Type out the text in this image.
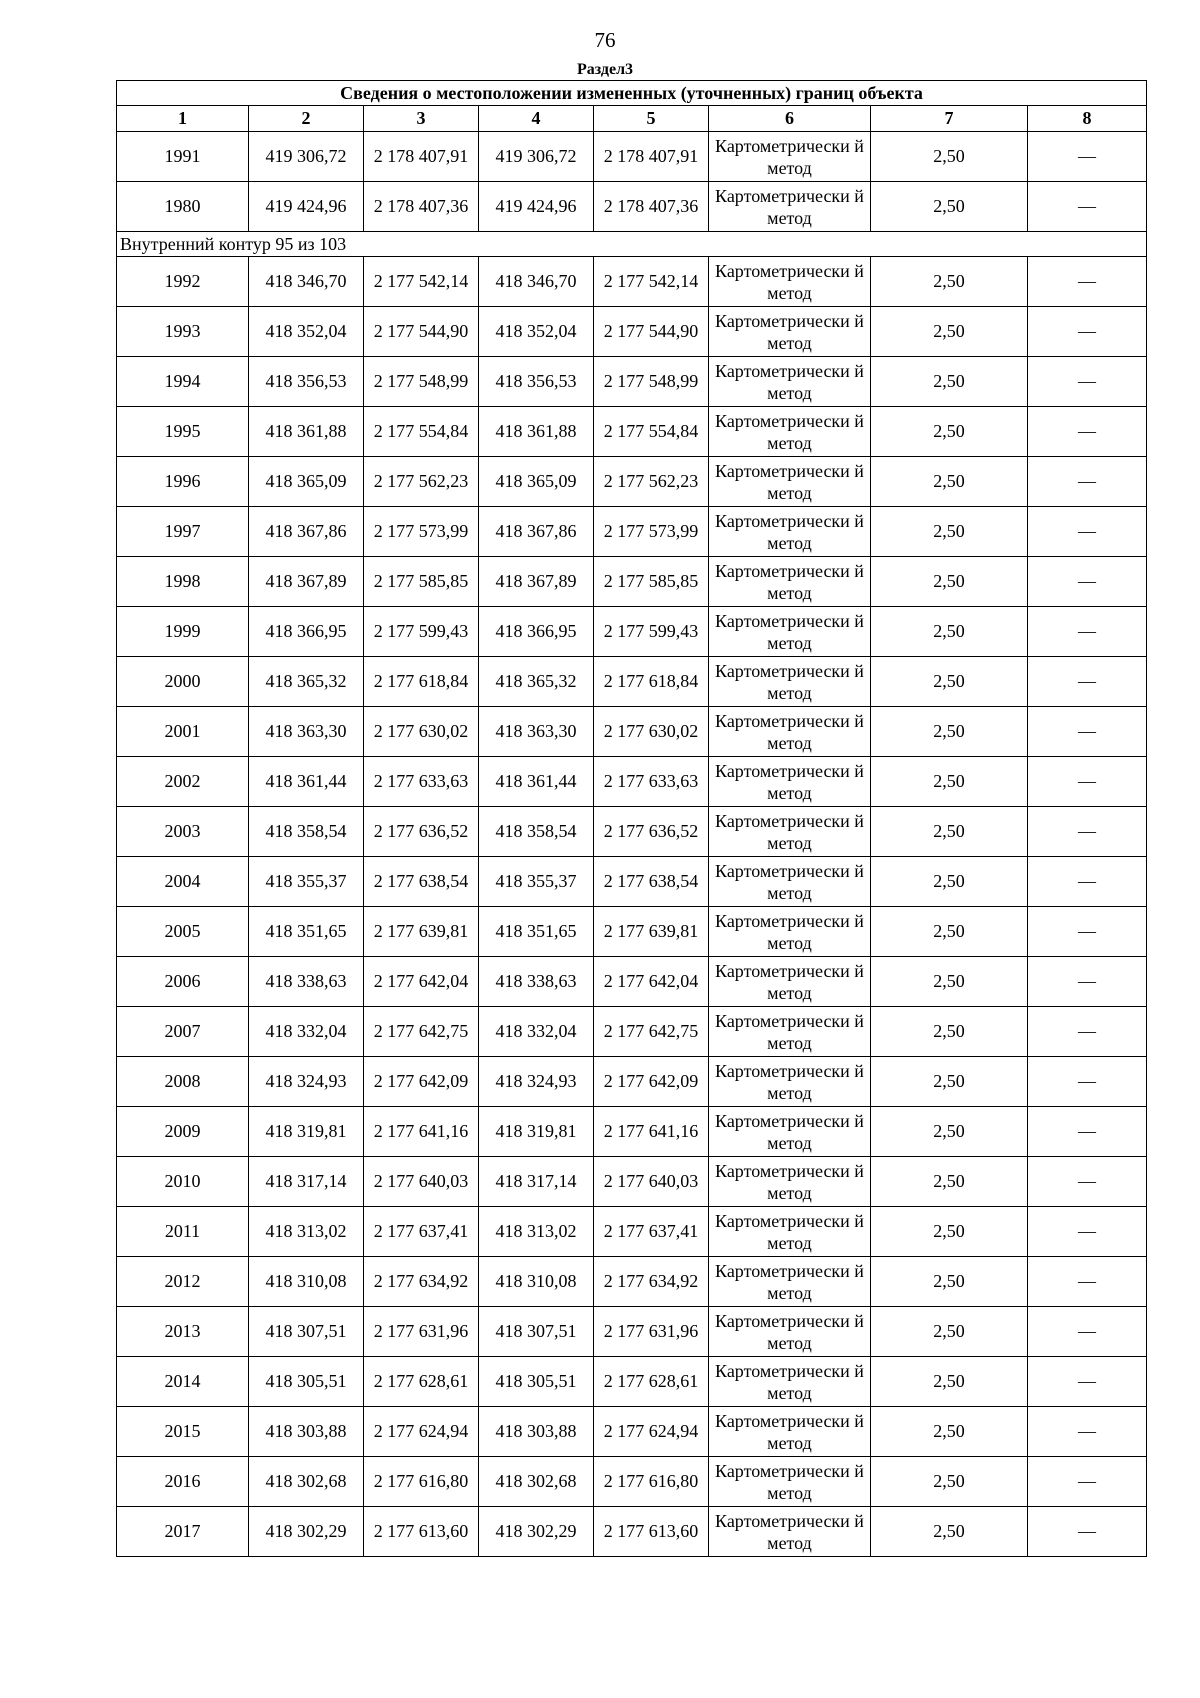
76
Раздел3
Сведения о местоположении измененных (уточненных) границ объекта							
1	2	3	4	5	6	7	8
1991	419 306,72	2 178 407,91	419 306,72	2 178 407,91	Картометрически й метод	2,50	—
1980	419 424,96	2 178 407,36	419 424,96	2 178 407,36	Картометрически й метод	2,50	—
Внутренний контур 95 из 103							
1992	418 346,70	2 177 542,14	418 346,70	2 177 542,14	Картометрически й метод	2,50	—
1993	418 352,04	2 177 544,90	418 352,04	2 177 544,90	Картометрически й метод	2,50	—
1994	418 356,53	2 177 548,99	418 356,53	2 177 548,99	Картометрически й метод	2,50	—
1995	418 361,88	2 177 554,84	418 361,88	2 177 554,84	Картометрически й метод	2,50	—
1996	418 365,09	2 177 562,23	418 365,09	2 177 562,23	Картометрически й метод	2,50	—
1997	418 367,86	2 177 573,99	418 367,86	2 177 573,99	Картометрически й метод	2,50	—
1998	418 367,89	2 177 585,85	418 367,89	2 177 585,85	Картометрически й метод	2,50	—
1999	418 366,95	2 177 599,43	418 366,95	2 177 599,43	Картометрически й метод	2,50	—
2000	418 365,32	2 177 618,84	418 365,32	2 177 618,84	Картометрически й метод	2,50	—
2001	418 363,30	2 177 630,02	418 363,30	2 177 630,02	Картометрически й метод	2,50	—
2002	418 361,44	2 177 633,63	418 361,44	2 177 633,63	Картометрически й метод	2,50	—
2003	418 358,54	2 177 636,52	418 358,54	2 177 636,52	Картометрически й метод	2,50	—
2004	418 355,37	2 177 638,54	418 355,37	2 177 638,54	Картометрически й метод	2,50	—
2005	418 351,65	2 177 639,81	418 351,65	2 177 639,81	Картометрически й метод	2,50	—
2006	418 338,63	2 177 642,04	418 338,63	2 177 642,04	Картометрически й метод	2,50	—
2007	418 332,04	2 177 642,75	418 332,04	2 177 642,75	Картометрически й метод	2,50	—
2008	418 324,93	2 177 642,09	418 324,93	2 177 642,09	Картометрически й метод	2,50	—
2009	418 319,81	2 177 641,16	418 319,81	2 177 641,16	Картометрически й метод	2,50	—
2010	418 317,14	2 177 640,03	418 317,14	2 177 640,03	Картометрически й метод	2,50	—
2011	418 313,02	2 177 637,41	418 313,02	2 177 637,41	Картометрически й метод	2,50	—
2012	418 310,08	2 177 634,92	418 310,08	2 177 634,92	Картометрически й метод	2,50	—
2013	418 307,51	2 177 631,96	418 307,51	2 177 631,96	Картометрически й метод	2,50	—
2014	418 305,51	2 177 628,61	418 305,51	2 177 628,61	Картометрически й метод	2,50	—
2015	418 303,88	2 177 624,94	418 303,88	2 177 624,94	Картометрически й метод	2,50	—
2016	418 302,68	2 177 616,80	418 302,68	2 177 616,80	Картометрически й метод	2,50	—
2017	418 302,29	2 177 613,60	418 302,29	2 177 613,60	Картометрически й метод	2,50	—
